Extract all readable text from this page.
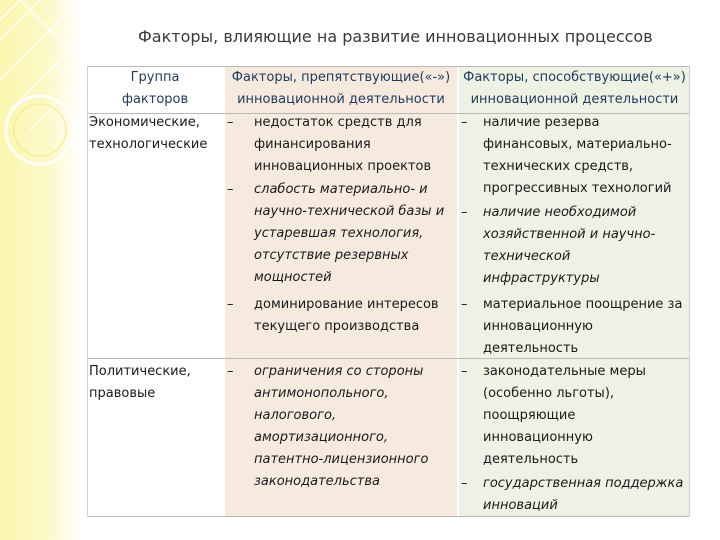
Факторы, влияющие на развитие инновационных процессов
Группа
факторов
Факторы, препятствующие(«-»)
инновационной деятельности
Факторы, способствующие(«+»)
инновационной деятельности
Экономические,
технологические
– недостаток средств для
финансирования
инновационных проектов
– слабость материально- и
научно-технической базы и
устаревшая технология,
отсутствие резервных
мощностей
– доминирование интересов
текущего производства
– наличие резерва
финансовых, материально-
технических средств,
прогрессивных технологий
– наличие необходимой
хозяйственной и научно-
технической
инфраструктуры
– материальное поощрение за
инновационную
деятельность
Политические,
правовые
– ограничения со стороны
антимонопольного,
налогового,
амортизационного,
патентно-лицензионного
законодательства
– законодательные меры
(особенно льготы),
поощряющие
инновационную
деятельность
– государственная поддержка
инноваций
